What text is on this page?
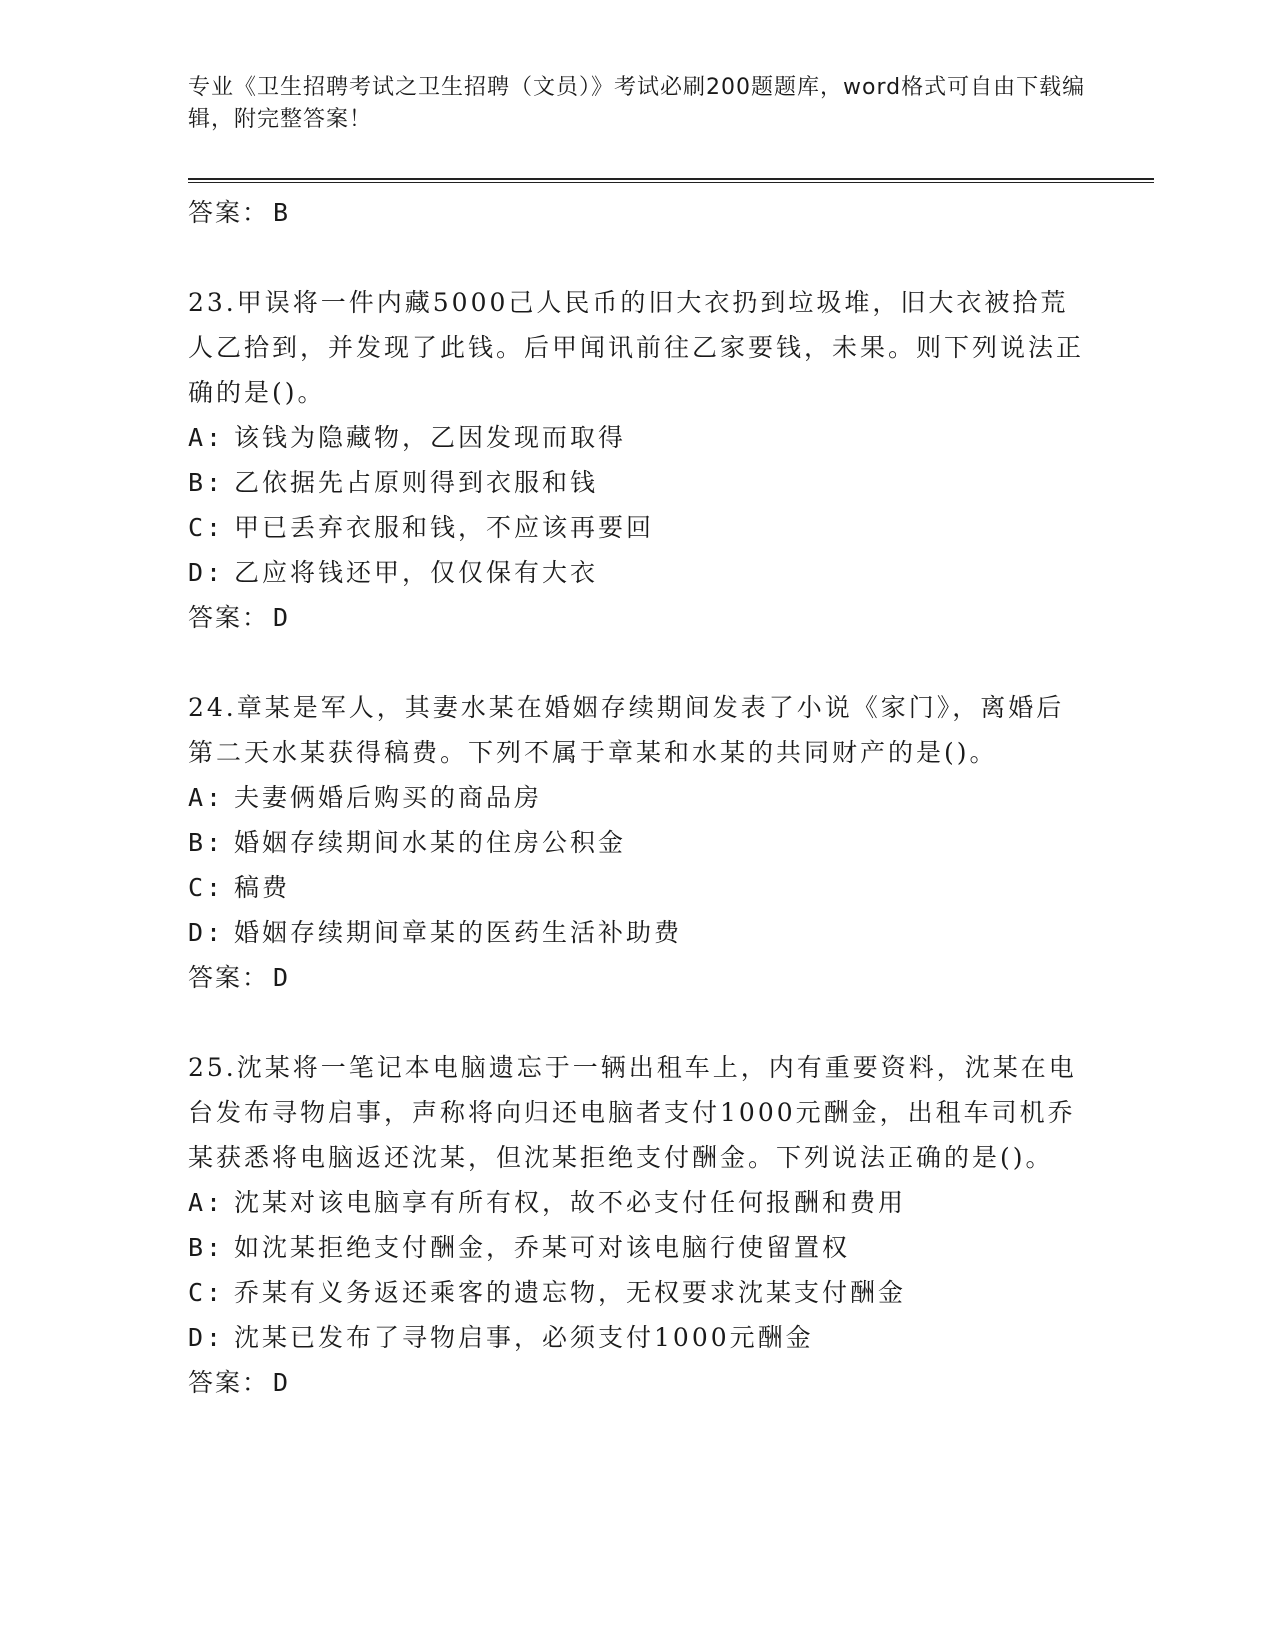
专业《卫生招聘考试之卫生招聘（文员）》考试必刷200题题库，word格式可自由下载编辑，附完整答案！

答案： B

23.甲误将一件内藏5000己人民币的旧大衣扔到垃圾堆，旧大衣被拾荒人乙拾到，并发现了此钱。后甲闻讯前往乙家要钱，未果。则下列说法正确的是()。

A: 该钱为隐藏物，乙因发现而取得

B: 乙依据先占原则得到衣服和钱

C: 甲已丢弃衣服和钱，不应该再要回

D: 乙应将钱还甲，仅仅保有大衣

答案： D

24.章某是军人，其妻水某在婚姻存续期间发表了小说《家门》，离婚后第二天水某获得稿费。下列不属于章某和水某的共同财产的是()。

A: 夫妻俩婚后购买的商品房

B: 婚姻存续期间水某的住房公积金

C: 稿费

D: 婚姻存续期间章某的医药生活补助费

答案： D

25.沈某将一笔记本电脑遗忘于一辆出租车上，内有重要资料，沈某在电台发布寻物启事，声称将向归还电脑者支付1000元酬金，出租车司机乔某获悉将电脑返还沈某，但沈某拒绝支付酬金。下列说法正确的是()。

A: 沈某对该电脑享有所有权，故不必支付任何报酬和费用

B: 如沈某拒绝支付酬金，乔某可对该电脑行使留置权

C: 乔某有义务返还乘客的遗忘物，无权要求沈某支付酬金

D: 沈某已发布了寻物启事，必须支付1000元酬金

答案： D
